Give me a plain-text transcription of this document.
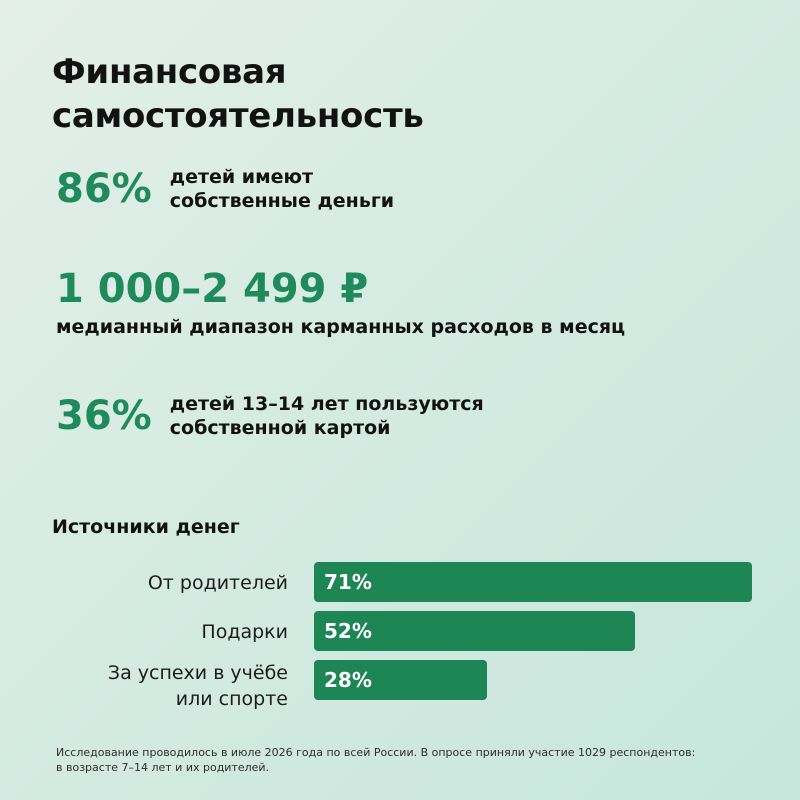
Финансовая
самостоятельность
86% детей имеют
собственные деньги
1 000–2 499 ₽
медианный диапазон карманных расходов в месяц
36% детей 13–14 лет пользуются
собственной картой
Источники денег
71%
От родителей
52%
Подарки
28%
За успехи в учёбе
или спорте
Исследование проводилось в июле 2026 года по всей России. В опросе приняли участие 1029 респондентов:
в возрасте 7–14 лет и их родителей.
